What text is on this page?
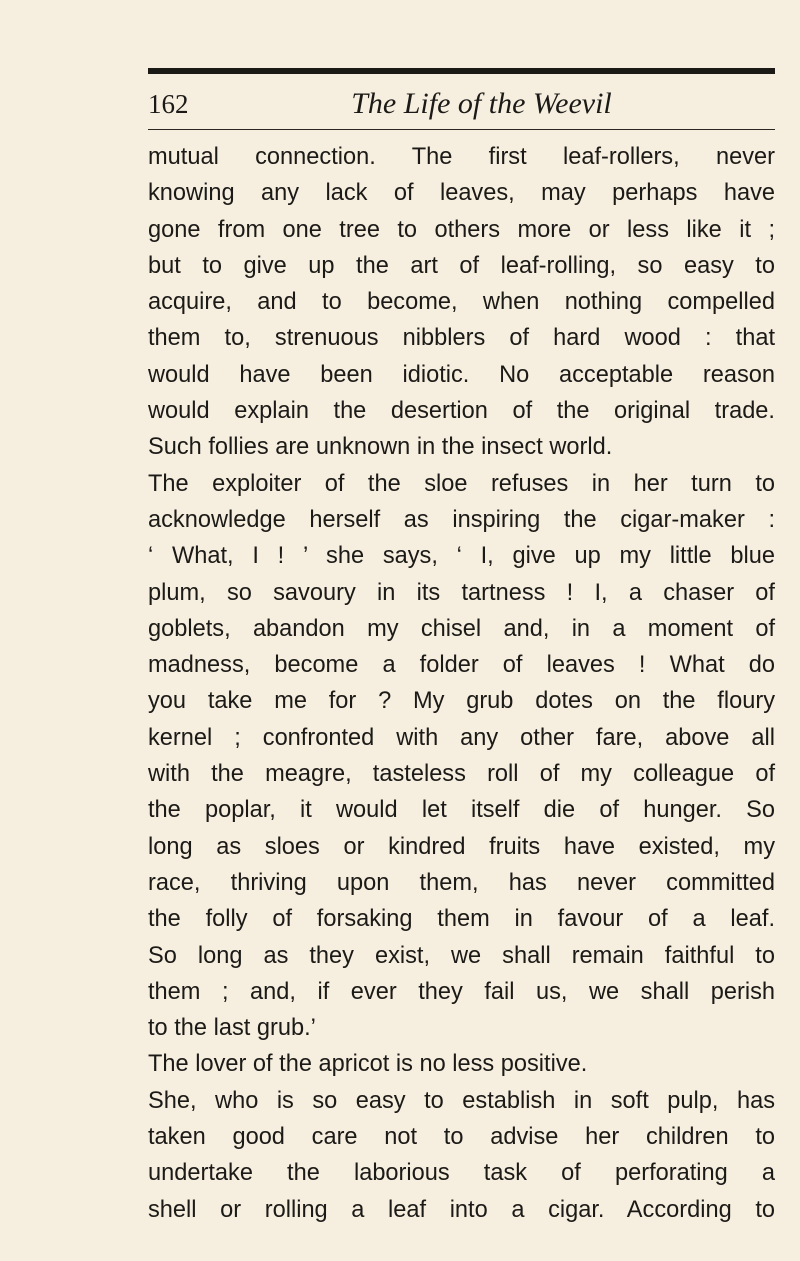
162	The Life of the Weevil
mutual connection. The first leaf-rollers, never
knowing any lack of leaves, may perhaps have
gone from one tree to others more or less like it ;
but to give up the art of leaf-rolling, so easy to
acquire, and to become, when nothing compelled
them to, strenuous nibblers of hard wood : that
would have been idiotic. No acceptable reason
would explain the desertion of the original trade.
Such follies are unknown in the insect world.
The exploiter of the sloe refuses in her turn to
acknowledge herself as inspiring the cigar-maker :
‘ What, I ! ’ she says, ‘ I, give up my little blue
plum, so savoury in its tartness ! I, a chaser of
goblets, abandon my chisel and, in a moment of
madness, become a folder of leaves ! What do
you take me for ? My grub dotes on the floury
kernel ; confronted with any other fare, above all
with the meagre, tasteless roll of my colleague of
the poplar, it would let itself die of hunger. So
long as sloes or kindred fruits have existed, my
race, thriving upon them, has never committed
the folly of forsaking them in favour of a leaf.
So long as they exist, we shall remain faithful to
them ; and, if ever they fail us, we shall perish
to the last grub.’
The lover of the apricot is no less positive.
She, who is so easy to establish in soft pulp, has
taken good care not to advise her children to
undertake the laborious task of perforating a
shell or rolling a leaf into a cigar. According to
